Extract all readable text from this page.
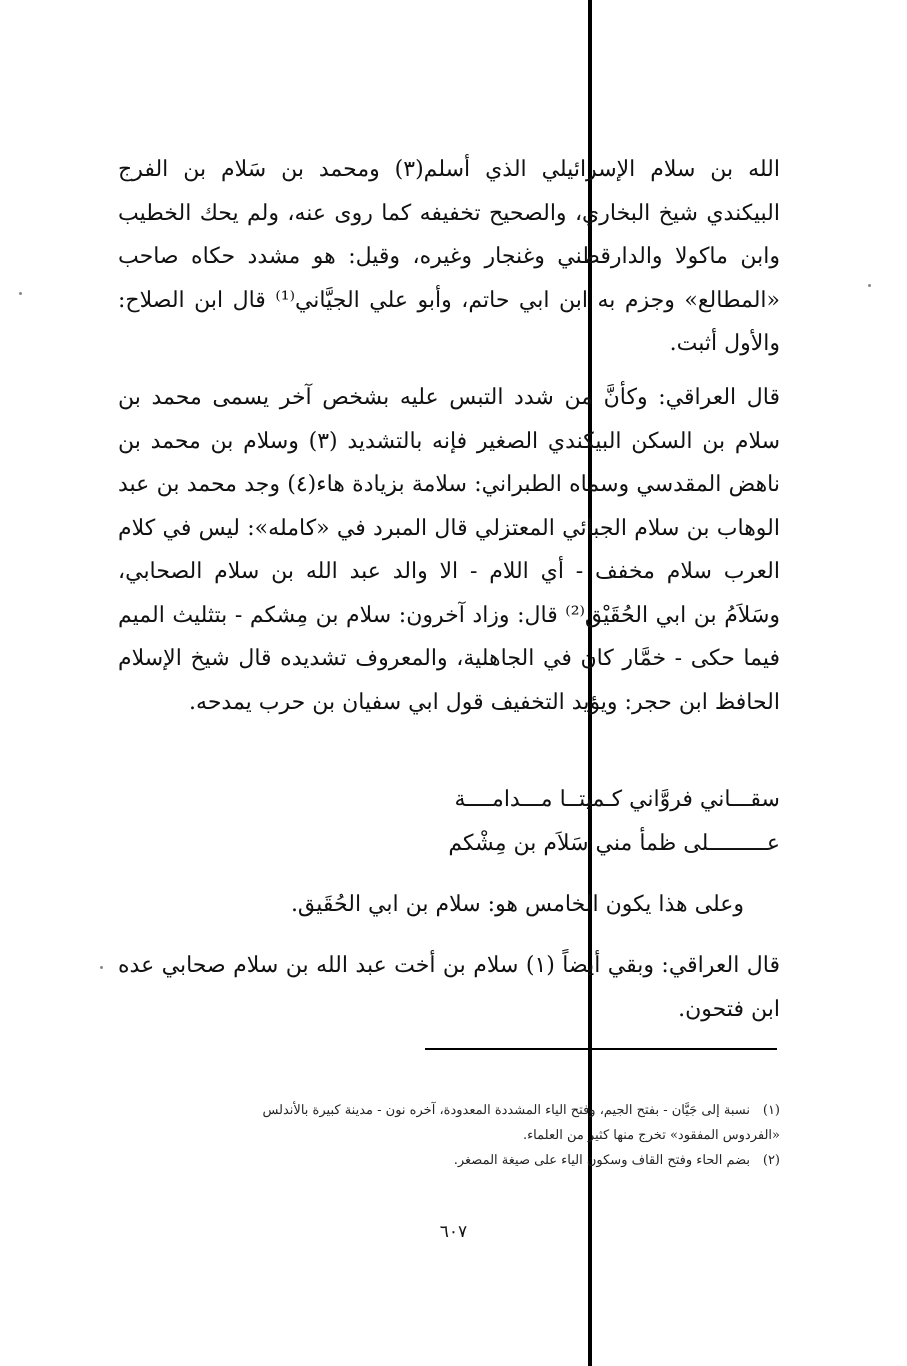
الله بن سلام الإسرائيلي الذي أسلم(٣) ومحمد بن سَلام بن الفرج البيكندي شيخ البخاري، والصحيح تخفيفه كما روى عنه، ولم يحك الخطيب وابن ماكولا والدارقطني وغنجار وغيره، وقيل: هو مشدد حكاه صاحب «المطالع» وجزم به ابن ابي حاتم، وأبو علي الجيَّاني⁽¹⁾ قال ابن الصلاح: والأول أثبت.

قال العراقي: وكأنَّ من شدد التبس عليه بشخص آخر يسمى محمد بن سلام بن السكن البيكندي الصغير فإنه بالتشديد (٣) وسلام بن محمد بن ناهض المقدسي وسماه الطبراني: سلامة بزيادة هاء(٤) وجد محمد بن عبد الوهاب بن سلام الجبائي المعتزلي قال المبرد في «كامله»: ليس في كلام العرب سلام مخفف - أي اللام - الا والد عبد الله بن سلام الصحابي، وسَلاَمُ بن ابي الحُقَيْق⁽²⁾ قال: وزاد آخرون: سلام بن مِشكم - بتثليث الميم فيما حكى - خمَّار كان في الجاهلية، والمعروف تشديده قال شيخ الإسلام الحافظ ابن حجر: ويؤيد التخفيف قول ابي سفيان بن حرب يمدحه.

سقـــاني فروَّاني كـميتــا مـــدامــــة
عـــــــــلى ظمأ مني سَلاَم بن مِشْكم

وعلى هذا يكون الخامس هو: سلام بن ابي الحُقَيق.

قال العراقي: وبقي أيضاً (١) سلام بن أخت عبد الله بن سلام صحابي عده ابن فتحون.

(١)نسبة إلى جَيَّان - بفتح الجيم، وفتح الياء المشددة المعدودة، آخره نون - مدينة كبيرة بالأندلس

«الفردوس المفقود» تخرج منها كثير من العلماء.

(٢)بضم الحاء وفتح القاف وسكون الياء على صيغة المصغر.

٦٠٧
